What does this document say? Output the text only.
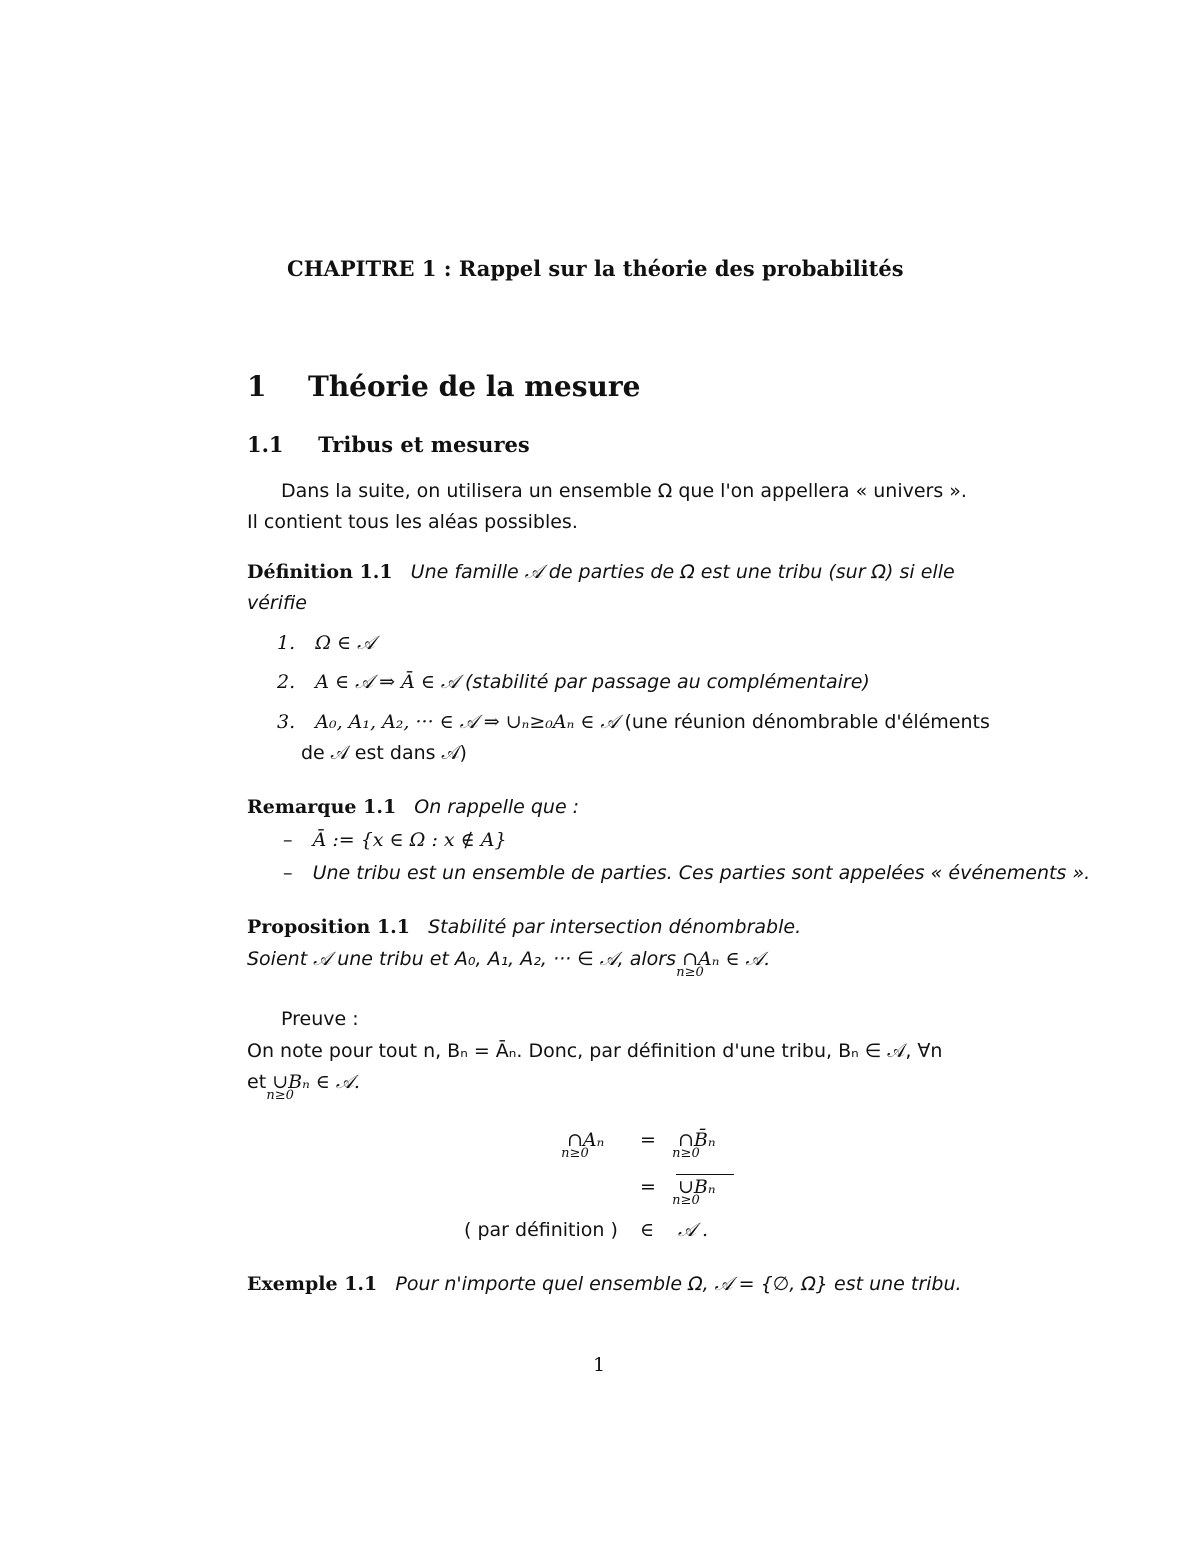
CHAPITRE 1 : Rappel sur la théorie des probabilités
1 Théorie de la mesure
1.1 Tribus et mesures
Dans la suite, on utilisera un ensemble Ω que l'on appellera « univers ».
Il contient tous les aléas possibles.
Définition 1.1 Une famille 𝒜 de parties de Ω est une tribu (sur Ω) si elle
vérifie
1. Ω ∈ 𝒜
2. A ∈ 𝒜 ⇒ Ā ∈ 𝒜 (stabilité par passage au complémentaire)
3. A₀, A₁, A₂, ··· ∈ 𝒜 ⇒ ∪ₙ≥₀Aₙ ∈ 𝒜 (une réunion dénombrable d'éléments
de 𝒜 est dans 𝒜)
Remarque 1.1 On rappelle que :
– Ā := {x ∈ Ω : x ∉ A}
– Une tribu est un ensemble de parties. Ces parties sont appelées « événements ».
Proposition 1.1 Stabilité par intersection dénombrable.
Soient 𝒜 une tribu et A₀, A₁, A₂, ··· ∈ 𝒜, alors ∩
n≥0
Aₙ ∈ 𝒜.
Preuve :
On note pour tout n, Bₙ = Āₙ. Donc, par définition d'une tribu, Bₙ ∈ 𝒜, ∀n
et ∪
n≥0
Bₙ ∈ 𝒜.
∩
n≥0
Aₙ = ∩
n≥0
B̄ₙ
= ∪
n≥0
Bₙ
( par définition ) ∈ 𝒜 .
Exemple 1.1 Pour n'importe quel ensemble Ω, 𝒜 = {∅, Ω} est une tribu.
1
